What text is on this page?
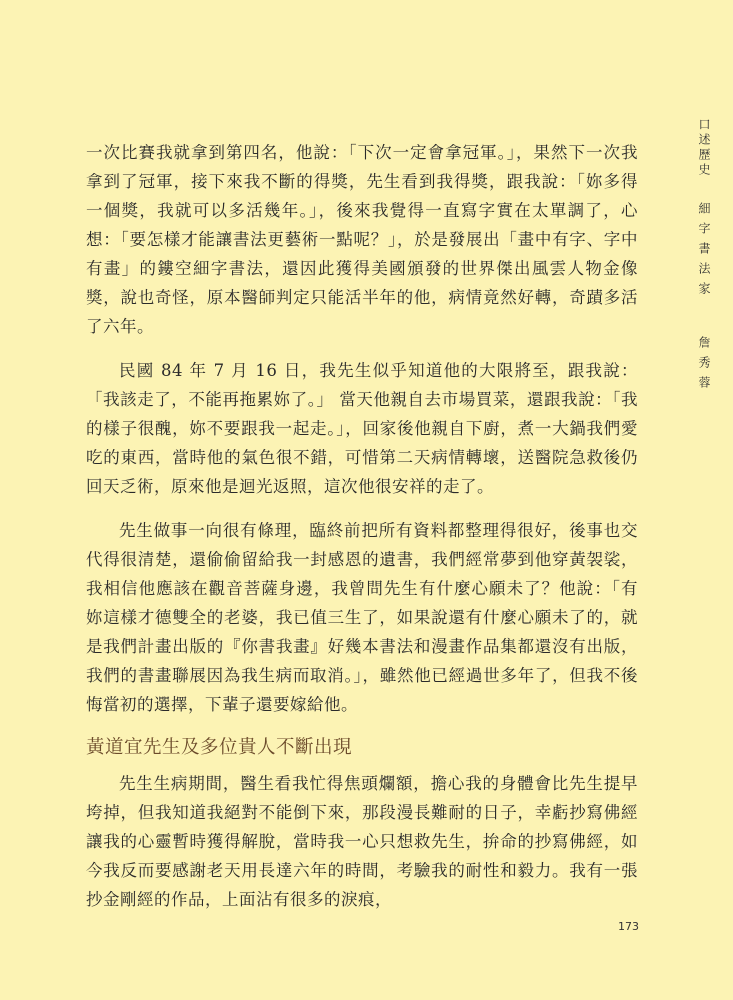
口述歷史
細字書法家
詹秀蓉

一次比賽我就拿到第四名，他說：「下次一定會拿冠軍。」，果然下一次我拿到了冠軍，接下來我不斷的得獎，先生看到我得獎，跟我說：「妳多得一個獎，我就可以多活幾年。」，後來我覺得一直寫字實在太單調了，心想：「要怎樣才能讓書法更藝術一點呢？」，於是發展出「畫中有字、字中有畫」的鏤空細字書法，還因此獲得美國頒發的世界傑出風雲人物金像獎，說也奇怪，原本醫師判定只能活半年的他，病情竟然好轉，奇蹟多活了六年。

民國 84 年 7 月 16 日，我先生似乎知道他的大限將至，跟我說：「我該走了，不能再拖累妳了。」 當天他親自去市場買菜，還跟我說：「我的樣子很醜，妳不要跟我一起走。」，回家後他親自下廚，煮一大鍋我們愛吃的東西，當時他的氣色很不錯，可惜第二天病情轉壞，送醫院急救後仍回天乏術，原來他是迴光返照，這次他很安祥的走了。

先生做事一向很有條理，臨終前把所有資料都整理得很好，後事也交代得很清楚，還偷偷留給我一封感恩的遺書，我們經常夢到他穿黃袈裟，我相信他應該在觀音菩薩身邊，我曾問先生有什麼心願未了？他說：「有妳這樣才德雙全的老婆，我已值三生了，如果說還有什麼心願未了的，就是我們計畫出版的『你書我畫』好幾本書法和漫畫作品集都還沒有出版，我們的書畫聯展因為我生病而取消。」，雖然他已經過世多年了，但我不後悔當初的選擇，下輩子還要嫁給他。

黃道宜先生及多位貴人不斷出現

先生生病期間，醫生看我忙得焦頭爛額，擔心我的身體會比先生提早垮掉，但我知道我絕對不能倒下來，那段漫長難耐的日子，幸虧抄寫佛經讓我的心靈暫時獲得解脫，當時我一心只想救先生，拚命的抄寫佛經，如今我反而要感謝老天用長達六年的時間，考驗我的耐性和毅力。我有一張抄金剛經的作品，上面沾有很多的淚痕，

173
